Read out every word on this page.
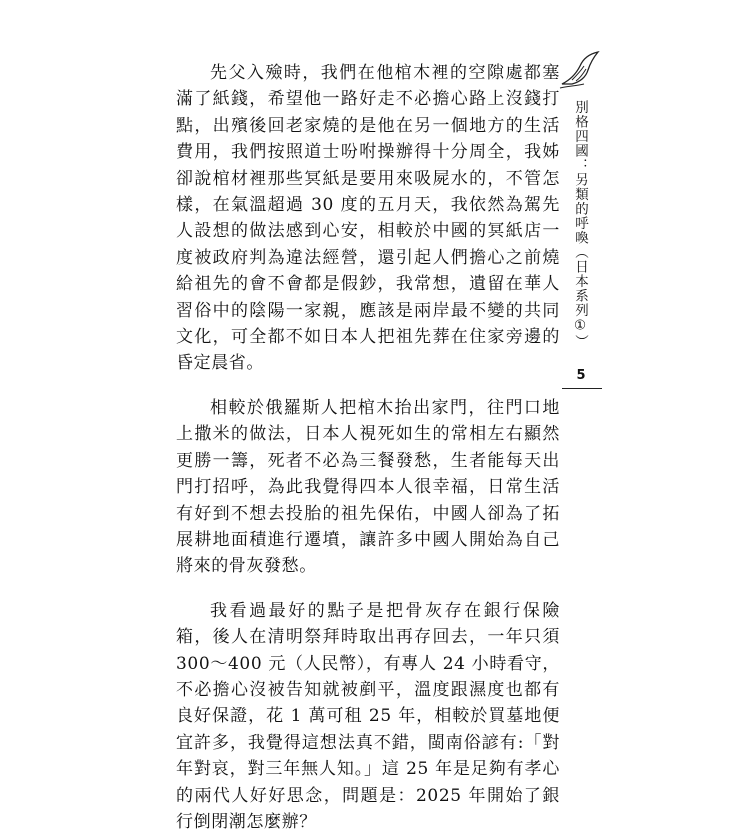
先父入殮時，我們在他棺木裡的空隙處都塞滿了紙錢，希望他一路好走不必擔心路上沒錢打點，出殯後回老家燒的是他在另一個地方的生活費用，我們按照道士吩咐操辦得十分周全，我姊卻說棺材裡那些冥紙是要用來吸屍水的，不管怎樣，在氣溫超過 30 度的五月天，我依然為駕先人設想的做法感到心安，相較於中國的冥紙店一度被政府判為違法經營，還引起人們擔心之前燒給祖先的會不會都是假鈔，我常想，遺留在華人習俗中的陰陽一家親，應該是兩岸最不變的共同文化，可全都不如日本人把祖先葬在住家旁邊的昏定晨省。

相較於俄羅斯人把棺木抬出家門，往門口地上撒米的做法，日本人視死如生的常相左右顯然更勝一籌，死者不必為三餐發愁，生者能每天出門打招呼，為此我覺得四本人很幸福，日常生活有好到不想去投胎的祖先保佑，中國人卻為了拓展耕地面積進行遷墳，讓許多中國人開始為自己將來的骨灰發愁。

我看過最好的點子是把骨灰存在銀行保險箱，後人在清明祭拜時取出再存回去，一年只須 300～400 元（人民幣），有專人 24 小時看守，不必擔心沒被告知就被剷平，溫度跟濕度也都有良好保證，花 1 萬可租 25 年，相較於買墓地便宜許多，我覺得這想法真不錯，閩南俗諺有:「對年對哀，對三年無人知。」這 25 年是足夠有孝心的兩代人好好思念，問題是：2025 年開始了銀行倒閉潮怎麼辦？

別格四國：另類的呼喚（日本系列①）
5
